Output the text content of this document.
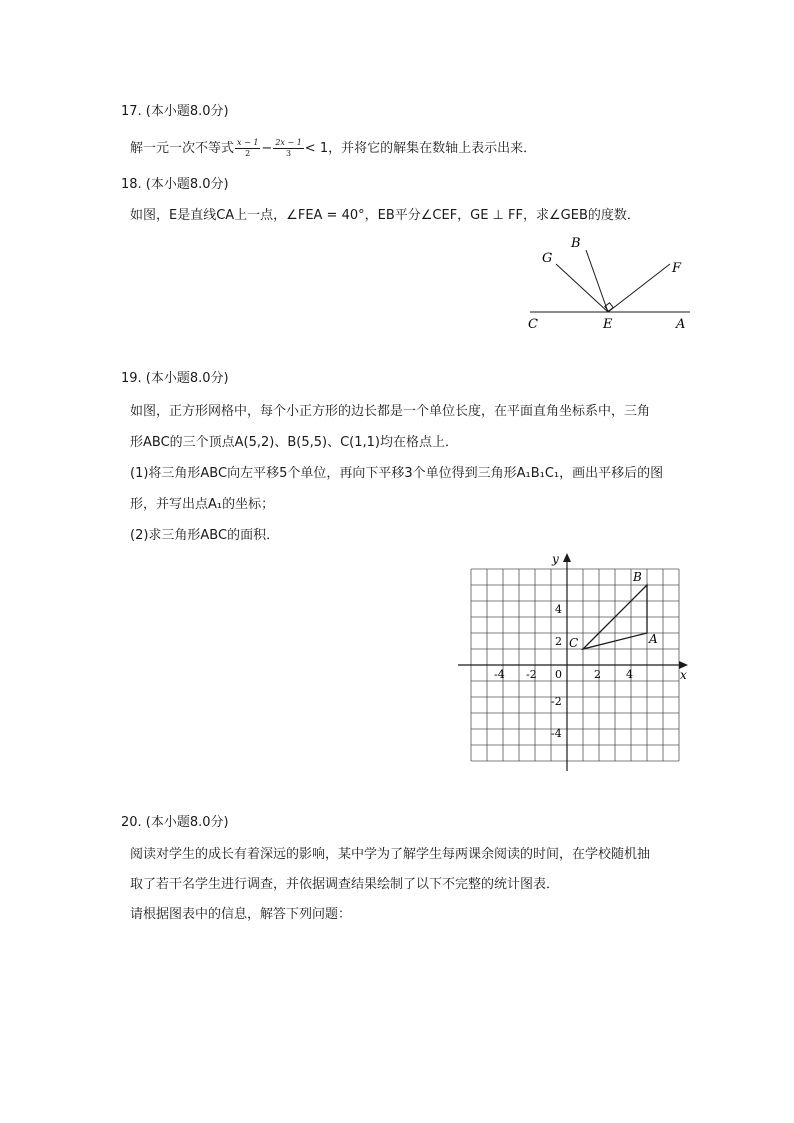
17. (本小题8.0分)
解一元一次不等式 $\frac{x - 1}{2} - \frac{2x - 1}{3} < 1$，并将它的解集在数轴上表示出来．
18. (本小题8.0分)
如图，E是直线CA上一点，∠FEA = 40°，EB平分∠CEF，GE ⊥ FF，求∠GEB的度数．
G
B
F
C	E	A
19. (本小题8.0分)
如图，正方形网格中，每个小正方形的边长都是一个单位长度，在平面直角坐标系中，三角
形ABC的三个顶点A(5,2)、B(5,5)、C(1,1)均在格点上．
(1)将三角形ABC向左平移5个单位，再向下平移3个单位得到三角形A₁B₁C₁，画出平移后的图
形，并写出点A₁的坐标；
(2)求三角形ABC的面积．
x
y
0
-4 -2	2 4
4
2
-2
-4
A
B
C
20. (本小题8.0分)
阅读对学生的成长有着深远的影响，某中学为了解学生每两课余阅读的时间，在学校随机抽
取了若干名学生进行调查，并依据调查结果绘制了以下不完整的统计图表．
请根据图表中的信息，解答下列问题：
